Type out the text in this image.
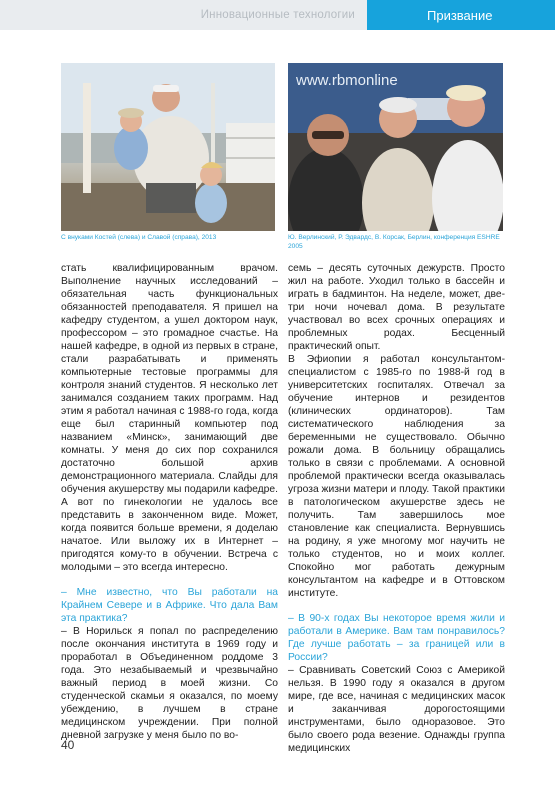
Инновационные технологии	Призвание
www.rbmonline
С внуками Костей (слева) и Славой (справа), 2013	Ю. Верлинский, Р. Эдвардс, В. Корсак, Берлин, конференция ESHRE 2005

стать квалифицированным врачом. Выполнение научных исследований – обязательная часть функциональных обязанностей преподавателя. Я пришел на кафедру студентом, а ушел доктором наук, профессором – это громадное счастье. На нашей кафедре, в одной из первых в стране, стали разрабатывать и применять компьютерные тестовые программы для контроля знаний студентов. Я несколько лет занимался созданием таких программ. Над этим я работал начиная с 1988-го года, когда еще был старинный компьютер под названием «Минск», занимающий две комнаты. У меня до сих пор сохранился достаточно большой архив демонстрационного материала. Слайды для обучения акушерству мы подарили кафедре. А вот по гинекологии не удалось все представить в законченном виде. Может, когда появится больше времени, я доделаю начатое. Или выложу их в Интернет – пригодятся кому-то в обучении. Встреча с молодыми – это всегда интересно.

– Мне известно, что Вы работали на Крайнем Севере и в Африке. Что дала Вам эта практика?

– В Норильск я попал по распределению после окончания института в 1969 году и проработал в Объединенном роддоме 3 года. Это незабываемый и чрезвычайно важный период в моей жизни. Со студенческой скамьи я оказался, по моему убеждению, в лучшем в стране медицинском учреждении. При полной дневной загрузке у меня было по во-

семь – десять суточных дежурств. Просто жил на работе. Уходил только в бассейн и играть в бадминтон. На неделе, может, две-три ночи ночевал дома. В результате участвовал во всех срочных операциях и проблемных родах. Бесценный практический опыт.

В Эфиопии я работал консультантом-специалистом с 1985-го по 1988-й год в университетских госпиталях. Отвечал за обучение интернов и резидентов (клинических ординаторов). Там систематического наблюдения за беременными не существовало. Обычно рожали дома. В больницу обращались только в связи с проблемами. А основной проблемой практически всегда оказывалась угроза жизни матери и плоду. Такой практики в патологическом акушерстве здесь не получить. Там завершилось мое становление как специалиста. Вернувшись на родину, я уже многому мог научить не только студентов, но и моих коллег. Спокойно мог работать дежурным консультантом на кафедре и в Оттовском институте.

– В 90-х годах Вы некоторое время жили и работали в Америке. Вам там понравилось? Где лучше работать – за границей или в России?

– Сравнивать Советский Союз с Америкой нельзя. В 1990 году я оказался в другом мире, где все, начиная с медицинских масок и заканчивая дорогостоящими инструментами, было одноразовое. Это было своего рода везение. Однажды группа медицинских

40
